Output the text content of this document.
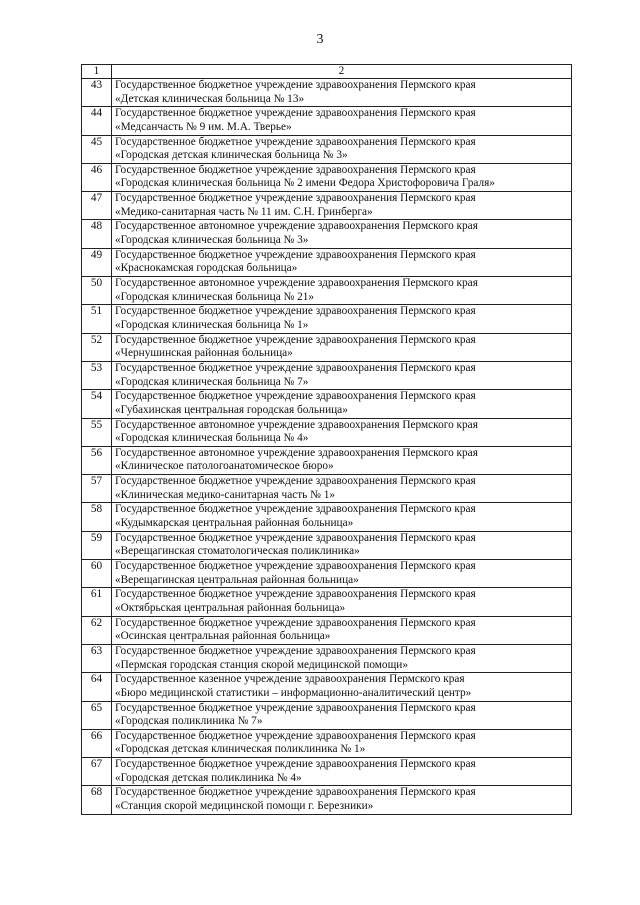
3
1	2
43	Государственное бюджетное учреждение здравоохранения Пермского края
«Детская клиническая больница № 13»

44	Государственное бюджетное учреждение здравоохранения Пермского края
«Медсанчасть № 9 им. М.А. Тверье»

45	Государственное бюджетное учреждение здравоохранения Пермского края
«Городская детская клиническая больница № 3»

46	Государственное бюджетное учреждение здравоохранения Пермского края
«Городская клиническая больница № 2 имени Федора Христофоровича Граля»

47	Государственное бюджетное учреждение здравоохранения Пермского края
«Медико-санитарная часть № 11 им. С.Н. Гринберга»

48	Государственное автономное учреждение здравоохранения Пермского края
«Городская клиническая больница № 3»

49	Государственное бюджетное учреждение здравоохранения Пермского края
«Краснокамская городская больница»

50	Государственное автономное учреждение здравоохранения Пермского края
«Городская клиническая больница № 21»

51	Государственное бюджетное учреждение здравоохранения Пермского края
«Городская клиническая больница № 1»

52	Государственное бюджетное учреждение здравоохранения Пермского края
«Чернушинская районная больница»

53	Государственное бюджетное учреждение здравоохранения Пермского края
«Городская клиническая больница № 7»

54	Государственное бюджетное учреждение здравоохранения Пермского края
«Губахинская центральная городская больница»

55	Государственное автономное учреждение здравоохранения Пермского края
«Городская клиническая больница № 4»

56	Государственное автономное учреждение здравоохранения Пермского края
«Клиническое патологоанатомическое бюро»

57	Государственное бюджетное учреждение здравоохранения Пермского края
«Клиническая медико-санитарная часть № 1»

58	Государственное бюджетное учреждение здравоохранения Пермского края
«Кудымкарская центральная районная больница»

59	Государственное бюджетное учреждение здравоохранения Пермского края
«Верещагинская стоматологическая поликлиника»

60	Государственное бюджетное учреждение здравоохранения Пермского края
«Верещагинская центральная районная больница»

61	Государственное бюджетное учреждение здравоохранения Пермского края
«Октябрьская центральная районная больница»

62	Государственное бюджетное учреждение здравоохранения Пермского края
«Осинская центральная районная больница»

63	Государственное бюджетное учреждение здравоохранения Пермского края
«Пермская городская станция скорой медицинской помощи»

64	Государственное казенное учреждение здравоохранения Пермского края
«Бюро медицинской статистики – информационно-аналитический центр»

65	Государственное бюджетное учреждение здравоохранения Пермского края
«Городская поликлиника № 7»

66	Государственное бюджетное учреждение здравоохранения Пермского края
«Городская детская клиническая поликлиника № 1»

67	Государственное бюджетное учреждение здравоохранения Пермского края
«Городская детская поликлиника № 4»

68	Государственное бюджетное учреждение здравоохранения Пермского края
«Станция скорой медицинской помощи г. Березники»
